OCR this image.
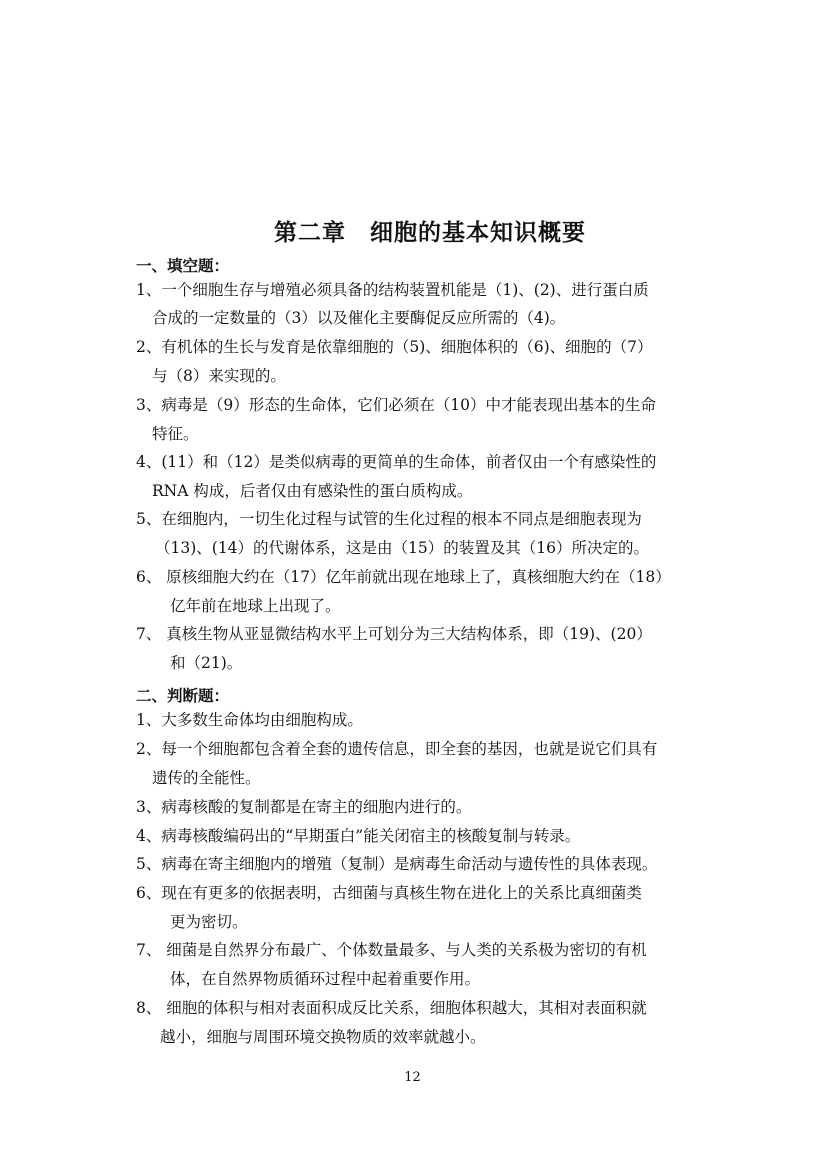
第二章　细胞的基本知识概要
一、填空题：
1、一个细胞生存与增殖必须具备的结构装置机能是（1)、(2)、进行蛋白质
合成的一定数量的（3）以及催化主要酶促反应所需的（4)。
2、有机体的生长与发育是依靠细胞的（5)、细胞体积的（6)、细胞的（7）
与（8）来实现的。
3、病毒是（9）形态的生命体，它们必须在（10）中才能表现出基本的生命
特征。
4、(11）和（12）是类似病毒的更简单的生命体，前者仅由一个有感染性的
RNA 构成，后者仅由有感染性的蛋白质构成。
5、在细胞内，一切生化过程与试管的生化过程的根本不同点是细胞表现为
（13)、(14）的代谢体系，这是由（15）的装置及其（16）所决定的。
6、 原核细胞大约在（17）亿年前就出现在地球上了，真核细胞大约在（18）
亿年前在地球上出现了。
7、 真核生物从亚显微结构水平上可划分为三大结构体系，即（19)、(20）
和（21)。
二、判断题：
1、大多数生命体均由细胞构成。
2、每一个细胞都包含着全套的遗传信息，即全套的基因，也就是说它们具有
遗传的全能性。
3、病毒核酸的复制都是在寄主的细胞内进行的。
4、病毒核酸编码出的“早期蛋白”能关闭宿主的核酸复制与转录。
5、病毒在寄主细胞内的增殖（复制）是病毒生命活动与遗传性的具体表现。
6、现在有更多的依据表明，古细菌与真核生物在进化上的关系比真细菌类
更为密切。
7、 细菌是自然界分布最广、个体数量最多、与人类的关系极为密切的有机
体，在自然界物质循环过程中起着重要作用。
8、 细胞的体积与相对表面积成反比关系，细胞体积越大，其相对表面积就
越小，细胞与周围环境交换物质的效率就越小。
12
